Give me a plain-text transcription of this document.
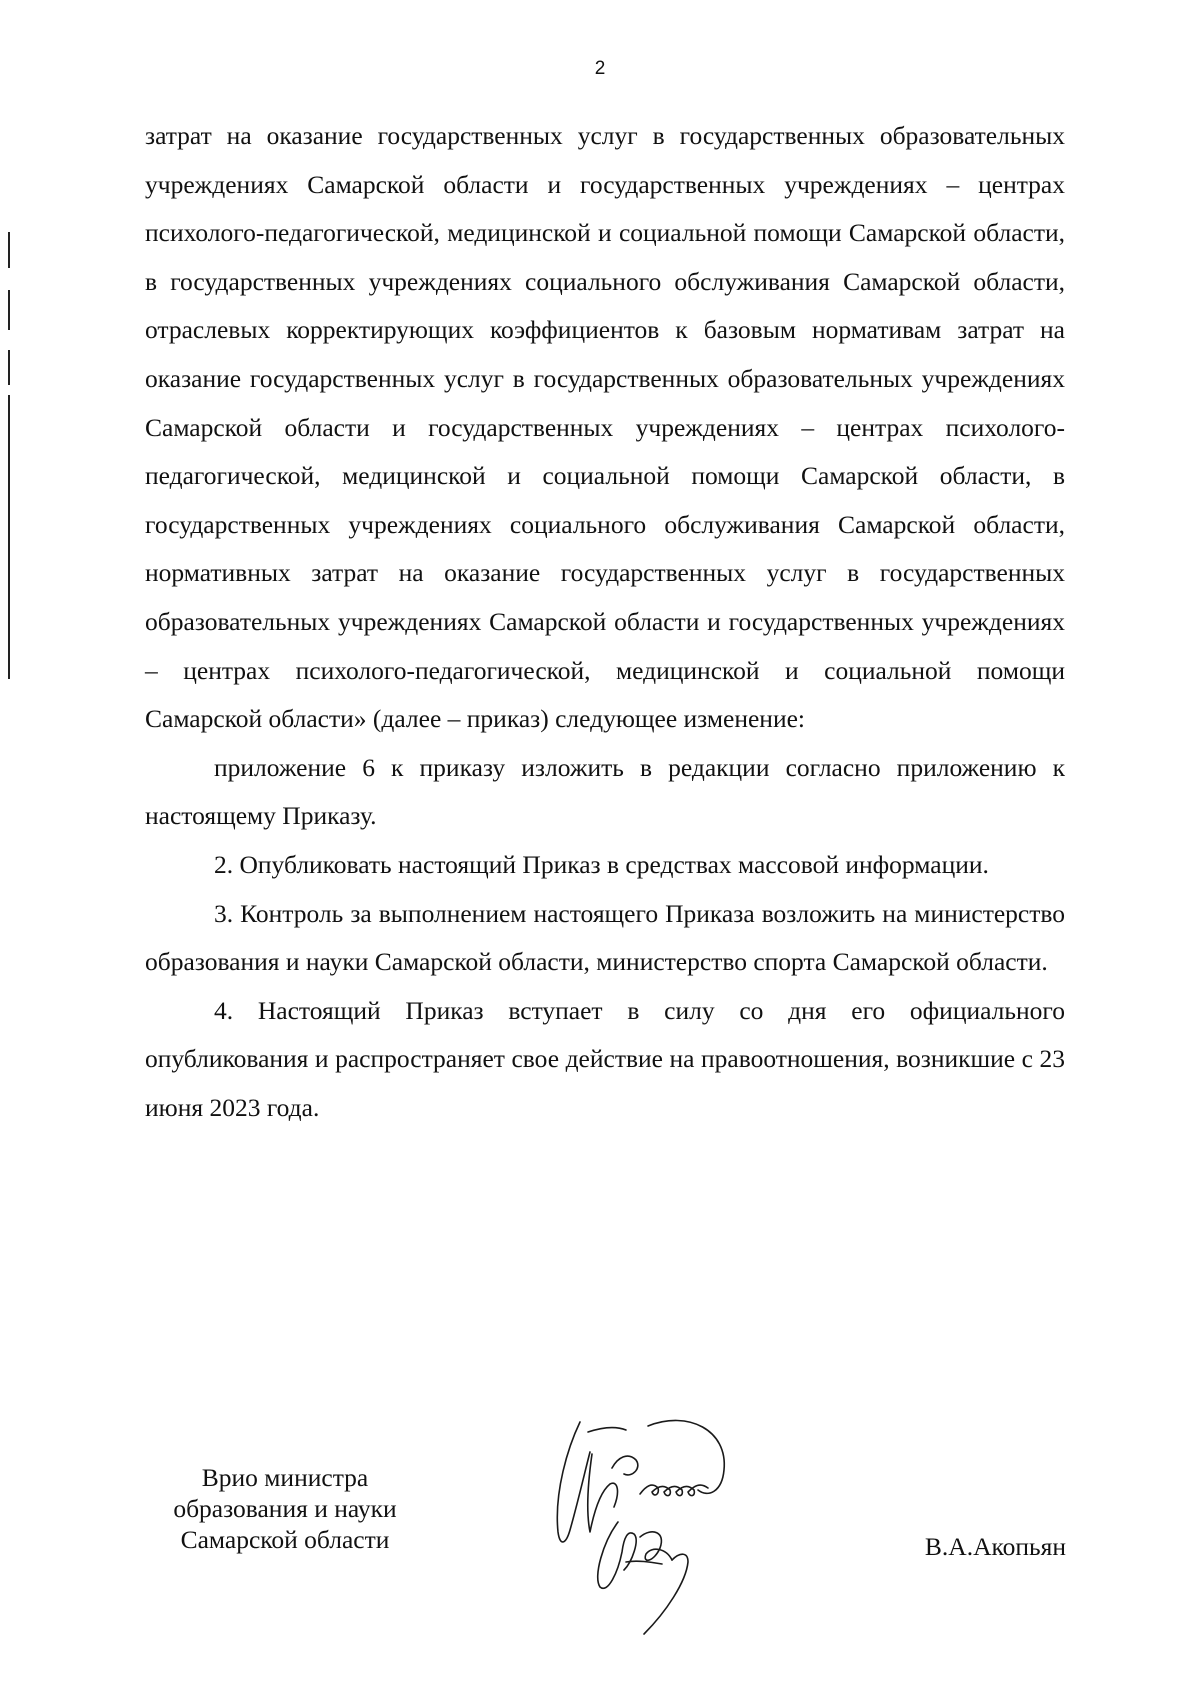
2

затрат на оказание государственных услуг в государственных образовательных учреждениях Самарской области и государственных учреждениях – центрах психолого-педагогической, медицинской и социальной помощи Самарской области, в государственных учреждениях социального обслуживания Самарской области, отраслевых корректирующих коэффициентов к базовым нормативам затрат на оказание государственных услуг в государственных образовательных учреждениях Самарской области и государственных учреждениях – центрах психолого-педагогической, медицинской и социальной помощи Самарской области, в государственных учреждениях социального обслуживания Самарской области, нормативных затрат на оказание государственных услуг в государственных образовательных учреждениях Самарской области и государственных учреждениях – центрах психолого-педагогической, медицинской и социальной помощи Самарской области» (далее – приказ) следующее изменение:

приложение 6 к приказу изложить в редакции согласно приложению к настоящему Приказу.

2. Опубликовать настоящий Приказ в средствах массовой информации.

3. Контроль за выполнением настоящего Приказа возложить на министерство образования и науки Самарской области, министерство спорта Самарской области.

4. Настоящий Приказ вступает в силу со дня его официального опубликования и распространяет свое действие на правоотношения, возникшие с 23 июня 2023 года.

Врио министра
образования и науки
Самарской области	В.А.Акопьян
